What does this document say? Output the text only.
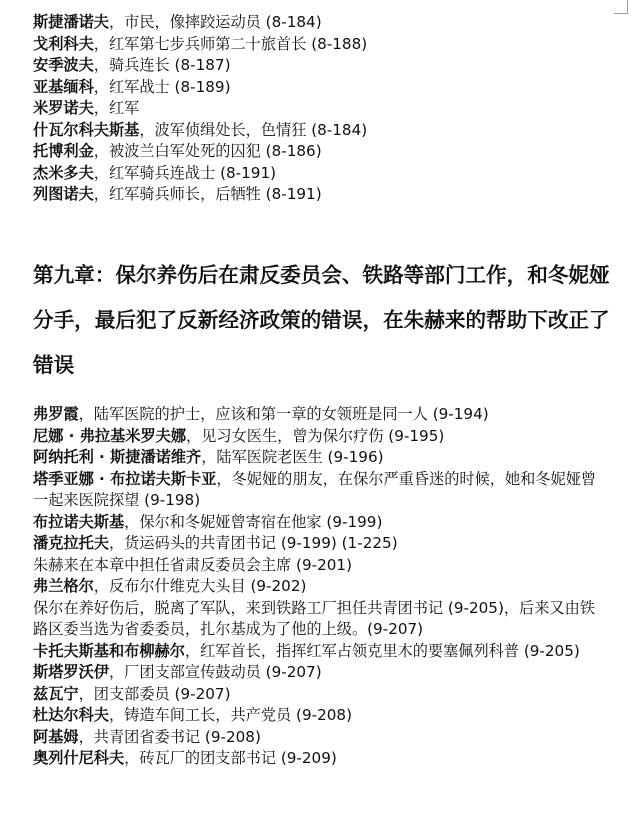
斯捷潘诺夫，市民，像摔跤运动员 (8-184)
戈利科夫，红军第七步兵师第二十旅首长 (8-188)
安季波夫，骑兵连长 (8-187)
亚基缅科，红军战士 (8-189)
米罗诺夫，红军
什瓦尔科夫斯基，波军侦缉处长，色情狂 (8-184)
托博利金，被波兰白军处死的囚犯 (8-186)
杰米多夫，红军骑兵连战士 (8-191)
列图诺夫，红军骑兵师长，后牺牲 (8-191)
第九章：保尔养伤后在肃反委员会、铁路等部门工作，和冬妮娅分手，最后犯了反新经济政策的错误，在朱赫来的帮助下改正了错误
弗罗霞，陆军医院的护士，应该和第一章的女领班是同一人 (9-194)
尼娜 · 弗拉基米罗夫娜，见习女医生，曾为保尔疗伤 (9-195)
阿纳托利 · 斯捷潘诺维齐，陆军医院老医生 (9-196)
塔季亚娜 · 布拉诺夫斯卡亚，冬妮娅的朋友，在保尔严重昏迷的时候，她和冬妮娅曾一起来医院探望 (9-198)
布拉诺夫斯基，保尔和冬妮娅曾寄宿在他家 (9-199)
潘克拉托夫，货运码头的共青团书记 (9-199) (1-225)
朱赫来在本章中担任省肃反委员会主席 (9-201)
弗兰格尔，反布尔什维克大头目 (9-202)
保尔在养好伤后，脱离了军队，来到铁路工厂担任共青团书记 (9-205)，后来又由铁路区委当选为省委委员，扎尔基成为了他的上级。(9-207)
卡托夫斯基和布柳赫尔，红军首长，指挥红军占领克里木的要塞佩列科普 (9-205)
斯塔罗沃伊，厂团支部宣传鼓动员 (9-207)
兹瓦宁，团支部委员 (9-207)
杜达尔科夫，铸造车间工长，共产党员 (9-208)
阿基姆，共青团省委书记 (9-208)
奥列什尼科夫，砖瓦厂的团支部书记 (9-209)
